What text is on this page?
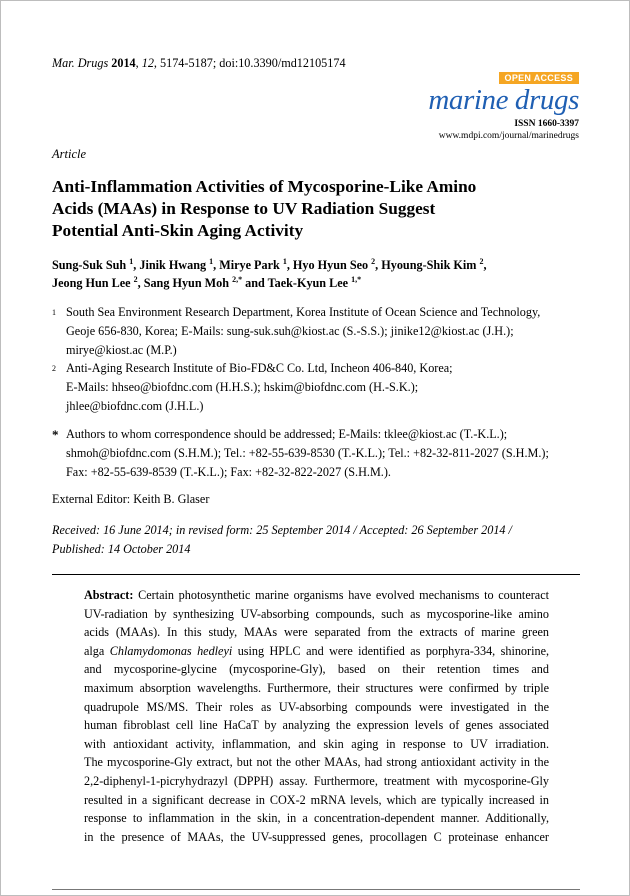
Mar. Drugs 2014, 12, 5174-5187; doi:10.3390/md12105174
OPEN ACCESS
marine drugs
ISSN 1660-3397
www.mdpi.com/journal/marinedrugs
Article
Anti-Inflammation Activities of Mycosporine-Like Amino
Acids (MAAs) in Response to UV Radiation Suggest
Potential Anti-Skin Aging Activity
Sung-Suk Suh $^1$, Jinik Hwang $^1$, Mirye Park $^1$, Hyo Hyun Seo $^2$, Hyoung-Shik Kim $^2$,
Jeong Hun Lee $^2$, Sang Hyun Moh $^{2,*}$ and Taek-Kyun Lee $^{1,*}$
1 South Sea Environment Research Department, Korea Institute of Ocean Science and Technology,
Geoje 656-830, Korea; E-Mails: sung-suk.suh@kiost.ac (S.-S.S.); jinike12@kiost.ac (J.H.);
mirye@kiost.ac (M.P.)
2 Anti-Aging Research Institute of Bio-FD&C Co. Ltd, Incheon 406-840, Korea;
E-Mails: hhseo@biofdnc.com (H.H.S.); hskim@biofdnc.com (H.-S.K.);
jhlee@biofdnc.com (J.H.L.)
* Authors to whom correspondence should be addressed; E-Mails: tklee@kiost.ac (T.-K.L.);
shmoh@biofdnc.com (S.H.M.); Tel.: +82-55-639-8530 (T.-K.L.); Tel.: +82-32-811-2027 (S.H.M.);
Fax: +82-55-639-8539 (T.-K.L.); Fax: +82-32-822-2027 (S.H.M.).
External Editor: Keith B. Glaser
Received: 16 June 2014; in revised form: 25 September 2014 / Accepted: 26 September 2014 /
Published: 14 October 2014
Abstract: Certain photosynthetic marine organisms have evolved mechanisms to counteract
UV-radiation by synthesizing UV-absorbing compounds, such as mycosporine-like amino
acids (MAAs). In this study, MAAs were separated from the extracts of marine green
alga Chlamydomonas hedleyi using HPLC and were identified as porphyra-334, shinorine,
and mycosporine-glycine (mycosporine-Gly), based on their retention times and
maximum absorption wavelengths. Furthermore, their structures were confirmed by triple
quadrupole MS/MS. Their roles as UV-absorbing compounds were investigated in the
human fibroblast cell line HaCaT by analyzing the expression levels of genes associated
with antioxidant activity, inflammation, and skin aging in response to UV irradiation.
The mycosporine-Gly extract, but not the other MAAs, had strong antioxidant activity in the
2,2-diphenyl-1-picryhydrazyl (DPPH) assay. Furthermore, treatment with mycosporine-Gly
resulted in a significant decrease in COX-2 mRNA levels, which are typically increased in
response to inflammation in the skin, in a concentration-dependent manner. Additionally,
in the presence of MAAs, the UV-suppressed genes, procollagen C proteinase enhancer
